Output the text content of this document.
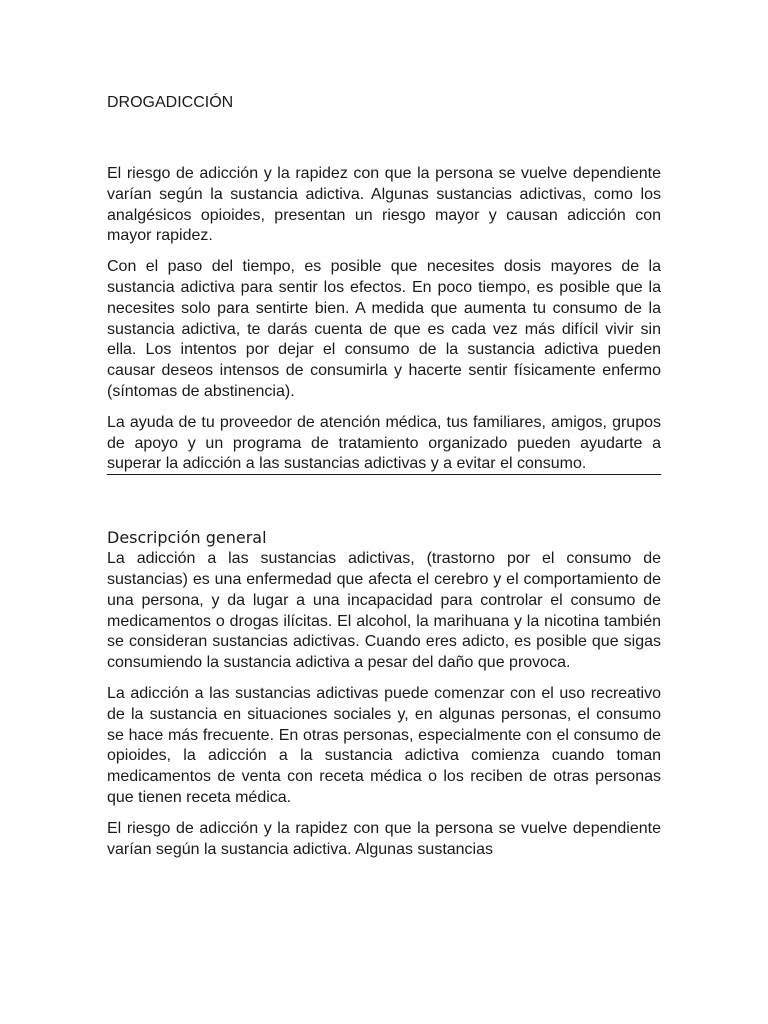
DROGADICCIÓN

El riesgo de adicción y la rapidez con que la persona se vuelve dependiente varían según la sustancia adictiva. Algunas sustancias adictivas, como los analgésicos opioides, presentan un riesgo mayor y causan adicción con mayor rapidez.

Con el paso del tiempo, es posible que necesites dosis mayores de la sustancia adictiva para sentir los efectos. En poco tiempo, es posible que la necesites solo para sentirte bien. A medida que aumenta tu consumo de la sustancia adictiva, te darás cuenta de que es cada vez más difícil vivir sin ella. Los intentos por dejar el consumo de la sustancia adictiva pueden causar deseos intensos de consumirla y hacerte sentir físicamente enfermo (síntomas de abstinencia).

La ayuda de tu proveedor de atención médica, tus familiares, amigos, grupos de apoyo y un programa de tratamiento organizado pueden ayudarte a superar la adicción a las sustancias adictivas y a evitar el consumo.

Descripción general

La adicción a las sustancias adictivas, (trastorno por el consumo de sustancias) es una enfermedad que afecta el cerebro y el comportamiento de una persona, y da lugar a una incapacidad para controlar el consumo de medicamentos o drogas ilícitas. El alcohol, la marihuana y la nicotina también se consideran sustancias adictivas. Cuando eres adicto, es posible que sigas consumiendo la sustancia adictiva a pesar del daño que provoca.

La adicción a las sustancias adictivas puede comenzar con el uso recreativo de la sustancia en situaciones sociales y, en algunas personas, el consumo se hace más frecuente. En otras personas, especialmente con el consumo de opioides, la adicción a la sustancia adictiva comienza cuando toman medicamentos de venta con receta médica o los reciben de otras personas que tienen receta médica.

El riesgo de adicción y la rapidez con que la persona se vuelve dependiente varían según la sustancia adictiva. Algunas sustancias
